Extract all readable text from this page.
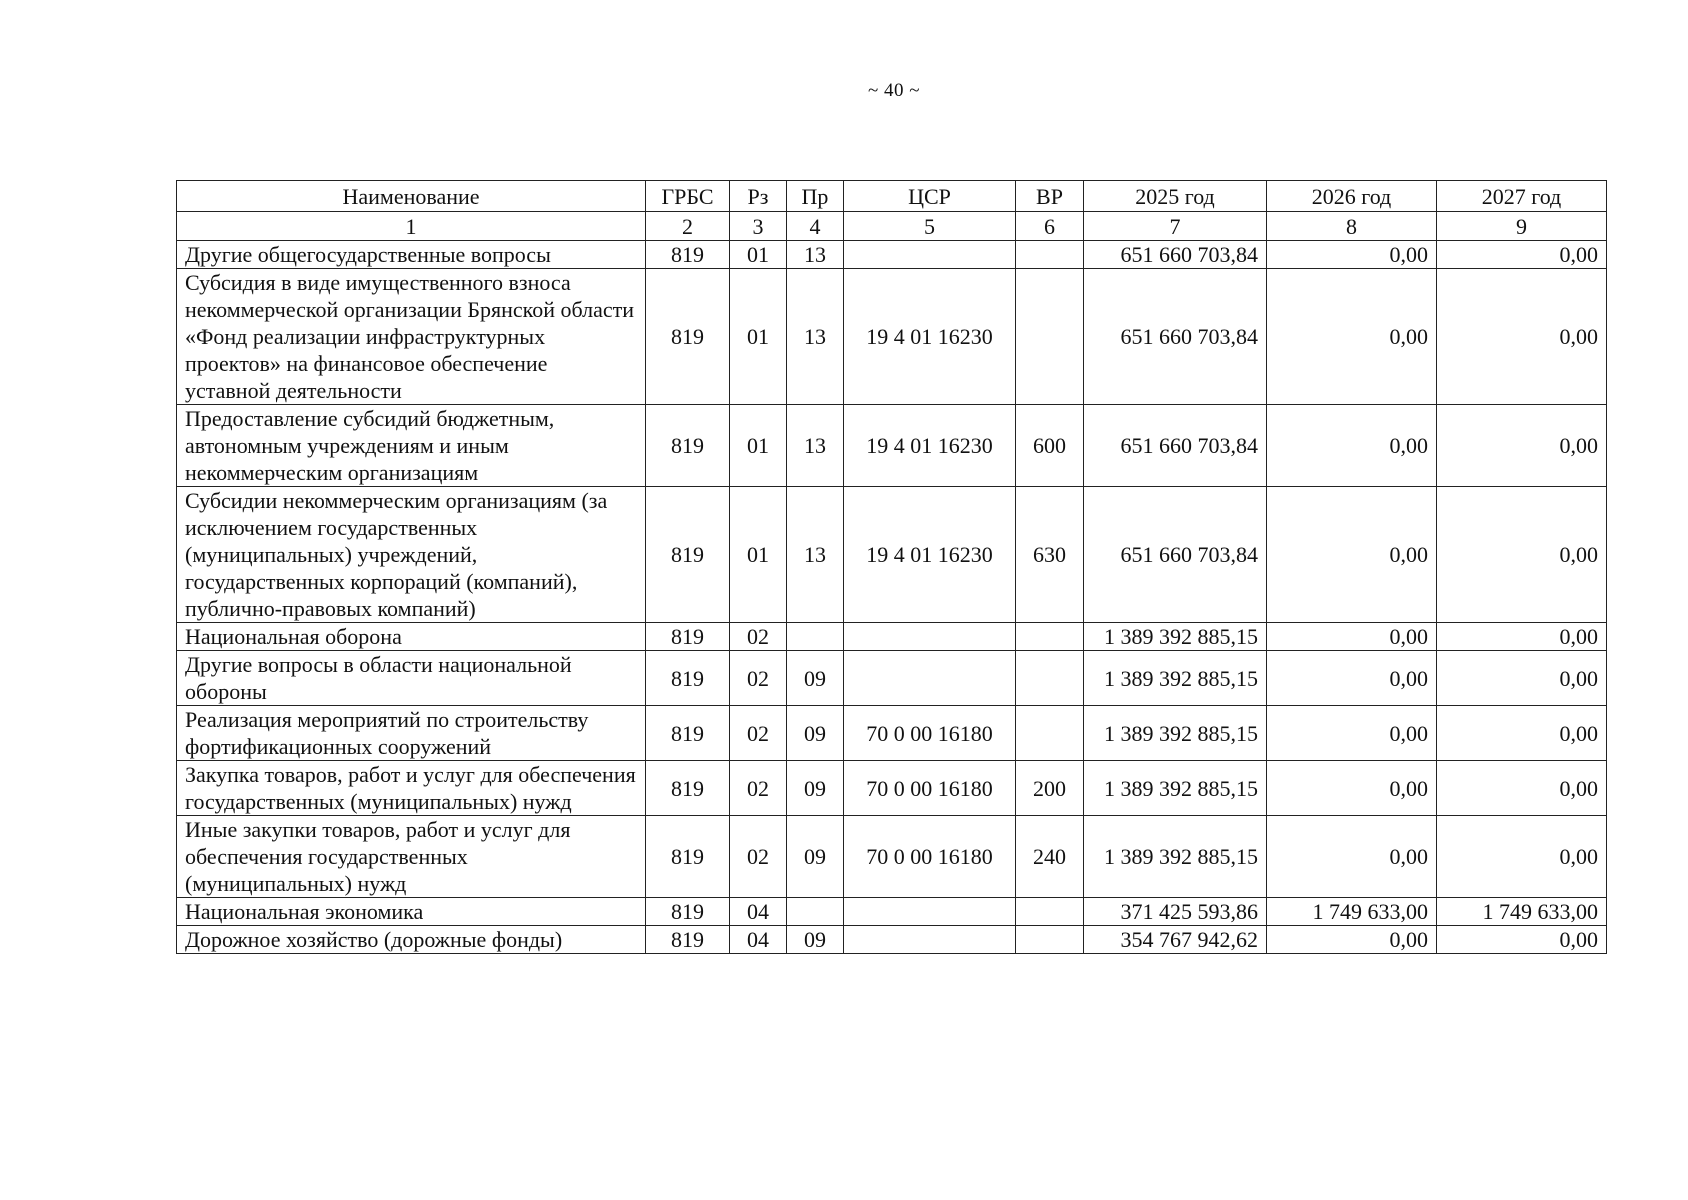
~ 40 ~
Наименование	ГРБС	Рз	Пр	ЦСР	ВР	2025 год	2026 год	2027 год
1	2	3	4	5	6	7	8	9
Другие общегосударственные вопросы	819	01	13			651 660 703,84	0,00	0,00
Субсидия в виде имущественного взноса некоммерческой организации Брянской области «Фонд реализации инфраструктурных проектов» на финансовое обеспечение уставной деятельности	819	01	13	19 4 01 16230		651 660 703,84	0,00	0,00
Предоставление субсидий бюджетным, автономным учреждениям и иным некоммерческим организациям	819	01	13	19 4 01 16230	600	651 660 703,84	0,00	0,00
Субсидии некоммерческим организациям (за исключением государственных (муниципальных) учреждений, государственных корпораций (компаний), публично-правовых компаний)	819	01	13	19 4 01 16230	630	651 660 703,84	0,00	0,00
Национальная оборона	819	02				1 389 392 885,15	0,00	0,00
Другие вопросы в области национальной обороны	819	02	09			1 389 392 885,15	0,00	0,00
Реализация мероприятий по строительству фортификационных сооружений	819	02	09	70 0 00 16180		1 389 392 885,15	0,00	0,00
Закупка товаров, работ и услуг для обеспечения государственных (муниципальных) нужд	819	02	09	70 0 00 16180	200	1 389 392 885,15	0,00	0,00
Иные закупки товаров, работ и услуг для обеспечения государственных (муниципальных) нужд	819	02	09	70 0 00 16180	240	1 389 392 885,15	0,00	0,00
Национальная экономика	819	04				371 425 593,86	1 749 633,00	1 749 633,00
Дорожное хозяйство (дорожные фонды)	819	04	09			354 767 942,62	0,00	0,00
